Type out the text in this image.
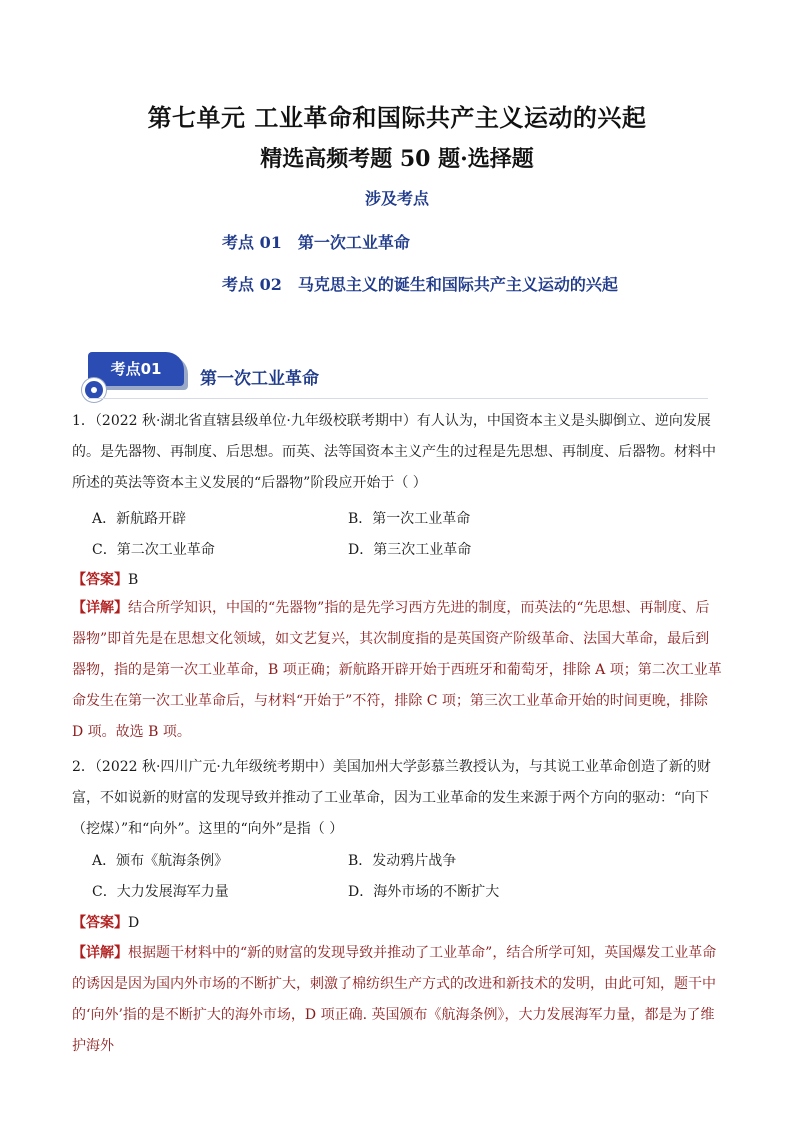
第七单元 工业革命和国际共产主义运动的兴起
精选高频考题 50 题·选择题
涉及考点
考点 01 第一次工业革命
考点 02 马克思主义的诞生和国际共产主义运动的兴起
考点01	第一次工业革命
1．（2022 秋·湖北省直辖县级单位·九年级校联考期中）有人认为，中国资本主义是头脚倒立、逆向发展的。是先器物、再制度、后思想。而英、法等国资本主义产生的过程是先思想、再制度、后器物。材料中所述的英法等资本主义发展的“后器物”阶段应开始于（ ）
A．新航路开辟	B．第一次工业革命
C．第二次工业革命	D．第三次工业革命
【答案】B
【详解】结合所学知识，中国的“先器物”指的是先学习西方先进的制度，而英法的“先思想、再制度、后器物”即首先是在思想文化领域，如文艺复兴，其次制度指的是英国资产阶级革命、法国大革命，最后到器物，指的是第一次工业革命，B 项正确；新航路开辟开始于西班牙和葡萄牙，排除 A 项；第二次工业革命发生在第一次工业革命后，与材料“开始于”不符，排除 C 项；第三次工业革命开始的时间更晚，排除 D 项。故选 B 项。
2．（2022 秋·四川广元·九年级统考期中）美国加州大学彭慕兰教授认为，与其说工业革命创造了新的财富，不如说新的财富的发现导致并推动了工业革命，因为工业革命的发生来源于两个方向的驱动：“向下（挖煤）”和“向外”。这里的“向外”是指（ ）
A．颁布《航海条例》	B．发动鸦片战争
C．大力发展海军力量	D．海外市场的不断扩大
【答案】D
【详解】根据题干材料中的“新的财富的发现导致并推动了工业革命”，结合所学可知，英国爆发工业革命的诱因是因为国内外市场的不断扩大，刺激了棉纺织生产方式的改进和新技术的发明，由此可知，题干中的‘向外’指的是不断扩大的海外市场，D 项正确. 英国颁布《航海条例》，大力发展海军力量，都是为了维护海外
